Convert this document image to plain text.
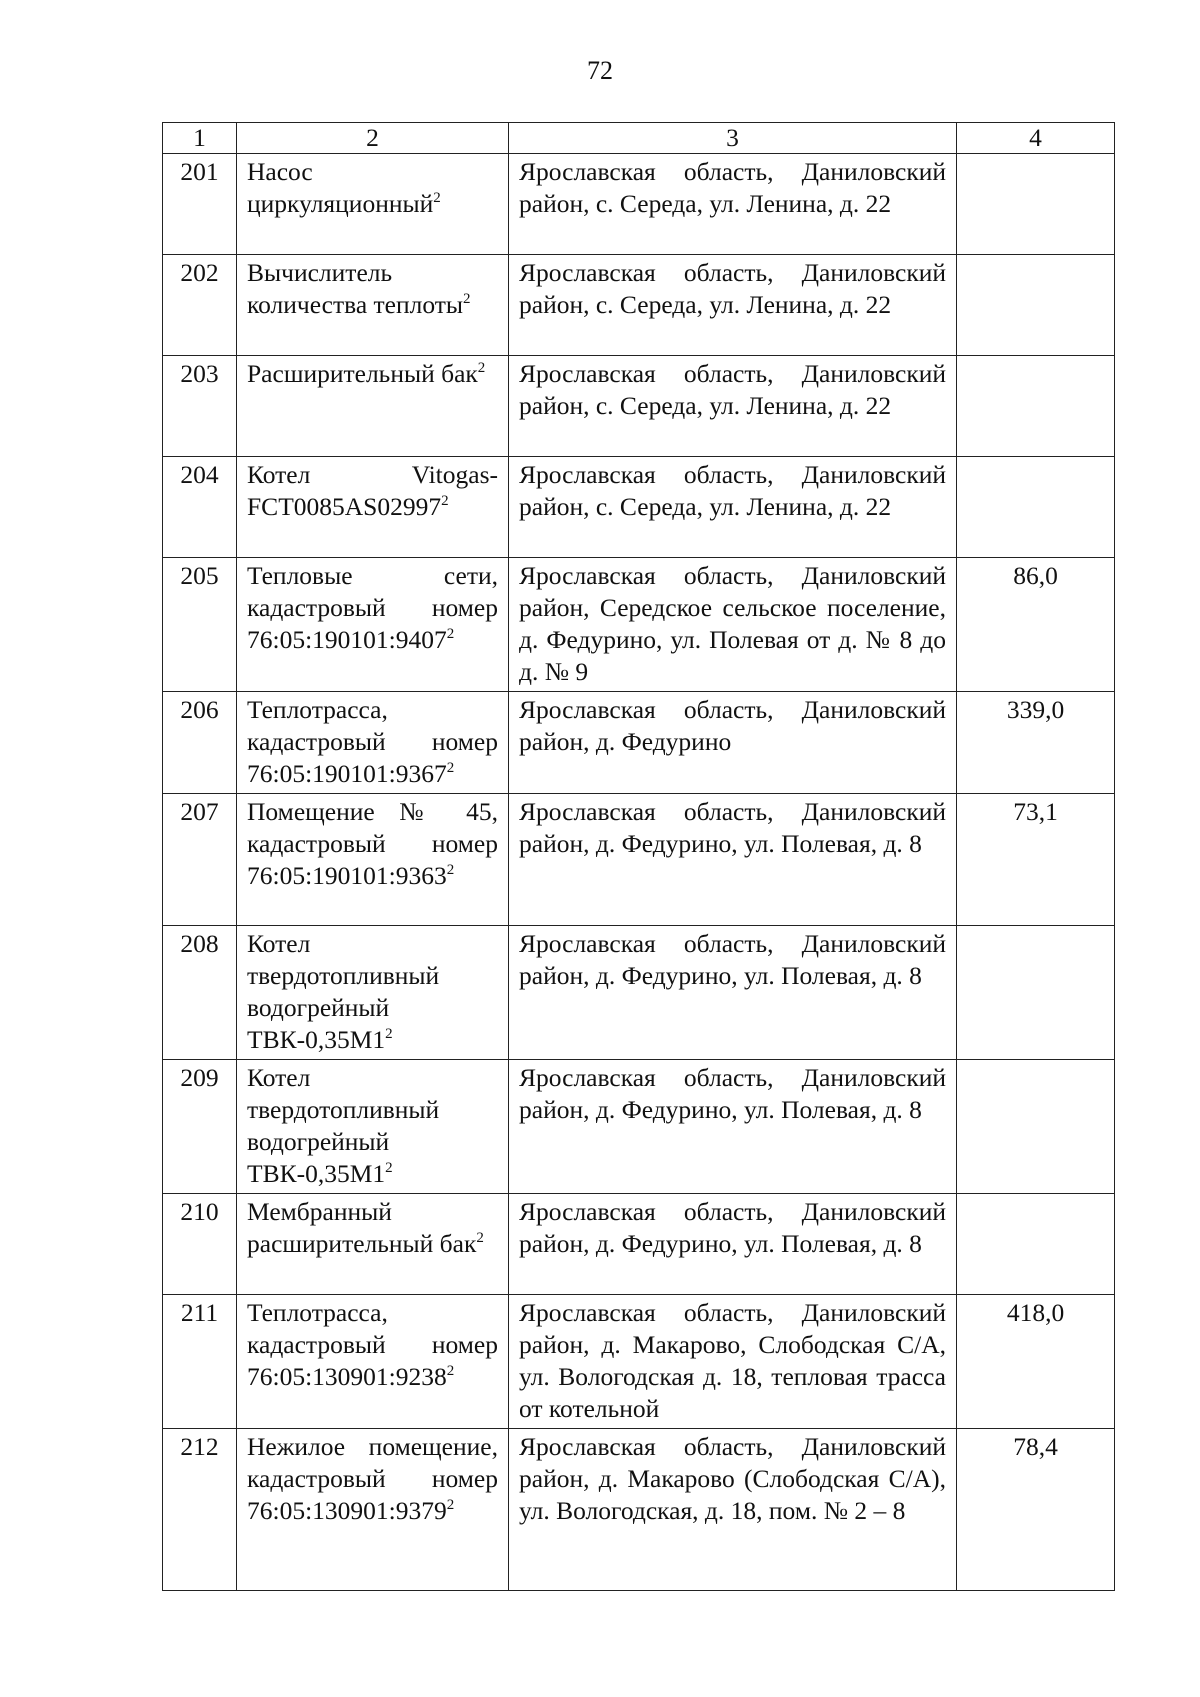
72
1	2	3	4
201	Насос циркуляционный$^2$	Ярославская область, Даниловский район, с. Середа, ул. Ленина, д. 22	
202	Вычислитель количества теплоты$^2$	Ярославская область, Даниловский район, с. Середа, ул. Ленина, д. 22	
203	Расширительный бак$^2$	Ярославская область, Даниловский район, с. Середа, ул. Ленина, д. 22	
204	Котел Vitogas-FCT0085AS02997$^2$	Ярославская область, Даниловский район, с. Середа, ул. Ленина, д. 22	
205	Тепловые сети, кадастровый номер 76:05:190101:9407$^2$	Ярославская область, Даниловский район, Середское сельское поселение, д. Федурино, ул. Полевая от д. № 8 до д. № 9	86,0
206	Теплотрасса, кадастровый номер 76:05:190101:9367$^2$	Ярославская область, Даниловский район, д. Федурино	339,0
207	Помещение № 45, кадастровый номер 76:05:190101:9363$^2$	Ярославская область, Даниловский район, д. Федурино, ул. Полевая, д. 8	73,1
208	Котел твердотопливный водогрейный ТВК-0,35М1$^2$	Ярославская область, Даниловский район, д. Федурино, ул. Полевая, д. 8	
209	Котел твердотопливный водогрейный ТВК-0,35М1$^2$	Ярославская область, Даниловский район, д. Федурино, ул. Полевая, д. 8	
210	Мембранный расширительный бак$^2$	Ярославская область, Даниловский район, д. Федурино, ул. Полевая, д. 8	
211	Теплотрасса, кадастровый номер 76:05:130901:9238$^2$	Ярославская область, Даниловский район, д. Макарово, Слободская С/А, ул. Вологодская д. 18, тепловая трасса от котельной	418,0
212	Нежилое помещение, кадастровый номер 76:05:130901:9379$^2$	Ярославская область, Даниловский район, д. Макарово (Слободская С/А), ул. Вологодская, д. 18, пом. № 2 – 8	78,4
